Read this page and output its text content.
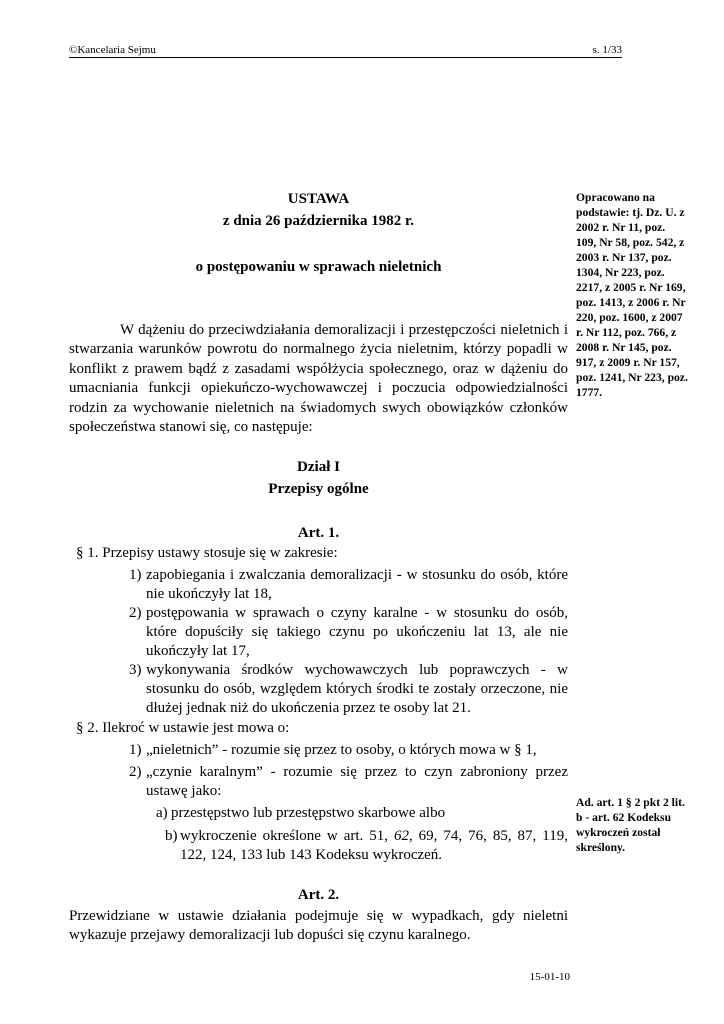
©Kancelaria Sejmu	s. 1/33
USTAWA
z dnia 26 października 1982 r.
o postępowaniu w sprawach nieletnich
Opracowano na podstawie: tj. Dz. U. z 2002 r. Nr 11, poz. 109, Nr 58, poz. 542, z 2003 r. Nr 137, poz. 1304, Nr 223, poz. 2217, z 2005 r. Nr 169, poz. 1413, z 2006 r. Nr 220, poz. 1600, z 2007 r. Nr 112, poz. 766, z 2008 r. Nr 145, poz. 917, z 2009 r. Nr 157, poz. 1241, Nr 223, poz. 1777.
W dążeniu do przeciwdziałania demoralizacji i przestępczości nieletnich i stwarzania warunków powrotu do normalnego życia nieletnim, którzy popadli w konflikt z prawem bądź z zasadami współżycia społecznego, oraz w dążeniu do umacniania funkcji opiekuńczo-wychowawczej i poczucia odpowiedzialności rodzin za wychowanie nieletnich na świadomych swych obowiązków członków społeczeństwa stanowi się, co następuje:
Dział I
Przepisy ogólne
Art. 1.
§ 1. Przepisy ustawy stosuje się w zakresie:
1) zapobiegania i zwalczania demoralizacji - w stosunku do osób, które nie ukończyły lat 18,
2) postępowania w sprawach o czyny karalne - w stosunku do osób, które dopuściły się takiego czynu po ukończeniu lat 13, ale nie ukończyły lat 17,
3) wykonywania środków wychowawczych lub poprawczych - w stosunku do osób, względem których środki te zostały orzeczone, nie dłużej jednak niż do ukończenia przez te osoby lat 21.
§ 2. Ilekroć w ustawie jest mowa o:
1) „nieletnich” - rozumie się przez to osoby, o których mowa w § 1,
2) „czynie karalnym” - rozumie się przez to czyn zabroniony przez ustawę jako:
a) przestępstwo lub przestępstwo skarbowe albo
b) wykroczenie określone w art. 51, 62, 69, 74, 76, 85, 87, 119, 122, 124, 133 lub 143 Kodeksu wykroczeń.
Ad. art. 1 § 2 pkt 2 lit. b - art. 62 Kodeksu wykroczeń został skreślony.
Art. 2.
Przewidziane w ustawie działania podejmuje się w wypadkach, gdy nieletni wykazuje przejawy demoralizacji lub dopuści się czynu karalnego.
15-01-10
